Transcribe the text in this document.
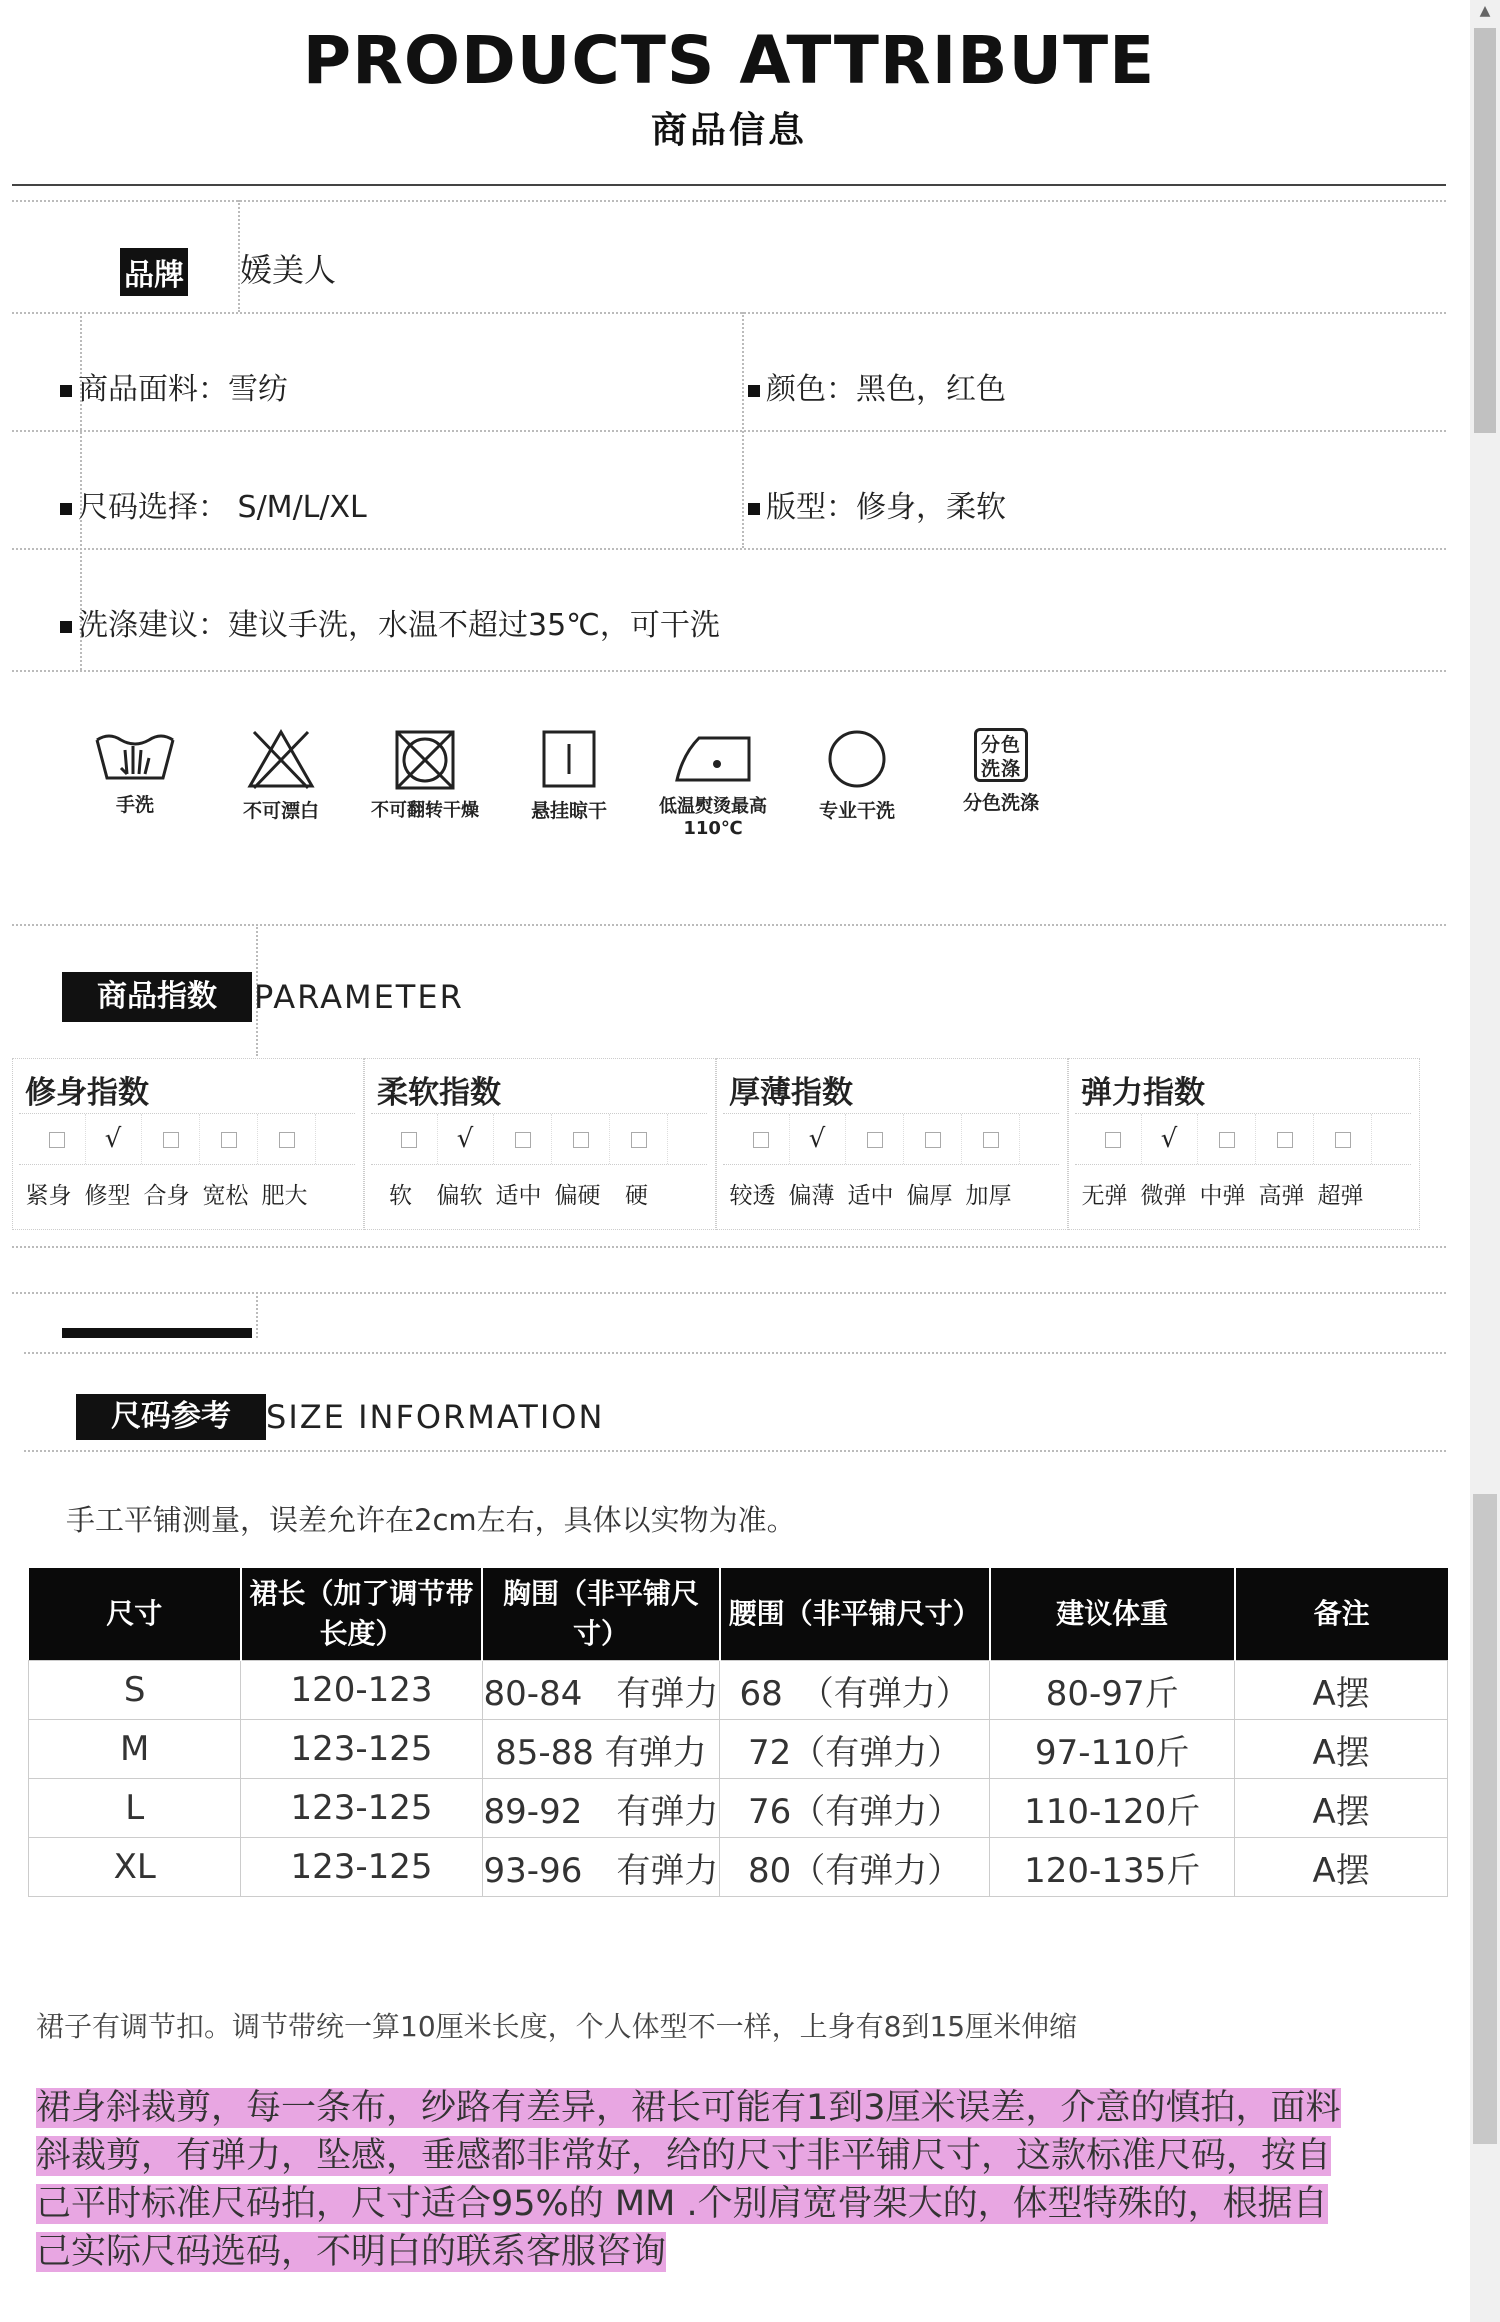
PRODUCTS ATTRIBUTE
商品信息
品牌 媛美人
商品面料：雪纺	颜色：黑色，红色
尺码选择： S/M/L/XL	版型：修身，柔软
洗涤建议：建议手洗，水温不超过35℃，可干洗
手洗	不可漂白	不可翻转干燥	悬挂晾干	低温熨烫最高110℃
专业干洗
分色洗涤
分色洗涤
商品指数	PARAMETER
修身指数
√
紧身 修型 合身 宽松 肥大
柔软指数
√
软	偏软 适中 偏硬	硬
厚薄指数
√
较透 偏薄 适中 偏厚 加厚
弹力指数
√
无弹 微弹 中弹 高弹 超弹
尺码参考	SIZE INFORMATION
手工平铺测量，误差允许在2cm左右，具体以实物为准。
尺寸	裙长（加了调节带长度）	胸围（非平铺尺寸）	腰围（非平铺尺寸）	建议体重	备注
S	120-123	80-84　有弹力	68　（有弹力）	80-97斤	A摆
M	123-125	85-88 有弹力	72（有弹力）	97-110斤	A摆
L	123-125	89-92　有弹力	76（有弹力）	110-120斤	A摆
XL	123-125	93-96　有弹力	80（有弹力）	120-135斤	A摆
裙子有调节扣。调节带统一算10厘米长度，个人体型不一样，上身有8到15厘米伸缩
裙身斜裁剪，每一条布，纱路有差异，裙长可能有1到3厘米误差，介意的慎拍，面料
斜裁剪，有弹力，坠感，垂感都非常好，给的尺寸非平铺尺寸，这款标准尺码，按自
己平时标准尺码拍，尺寸适合95%的 MM .个别肩宽骨架大的，体型特殊的，根据自
己实际尺码选码，不明白的联系客服咨询
▲
